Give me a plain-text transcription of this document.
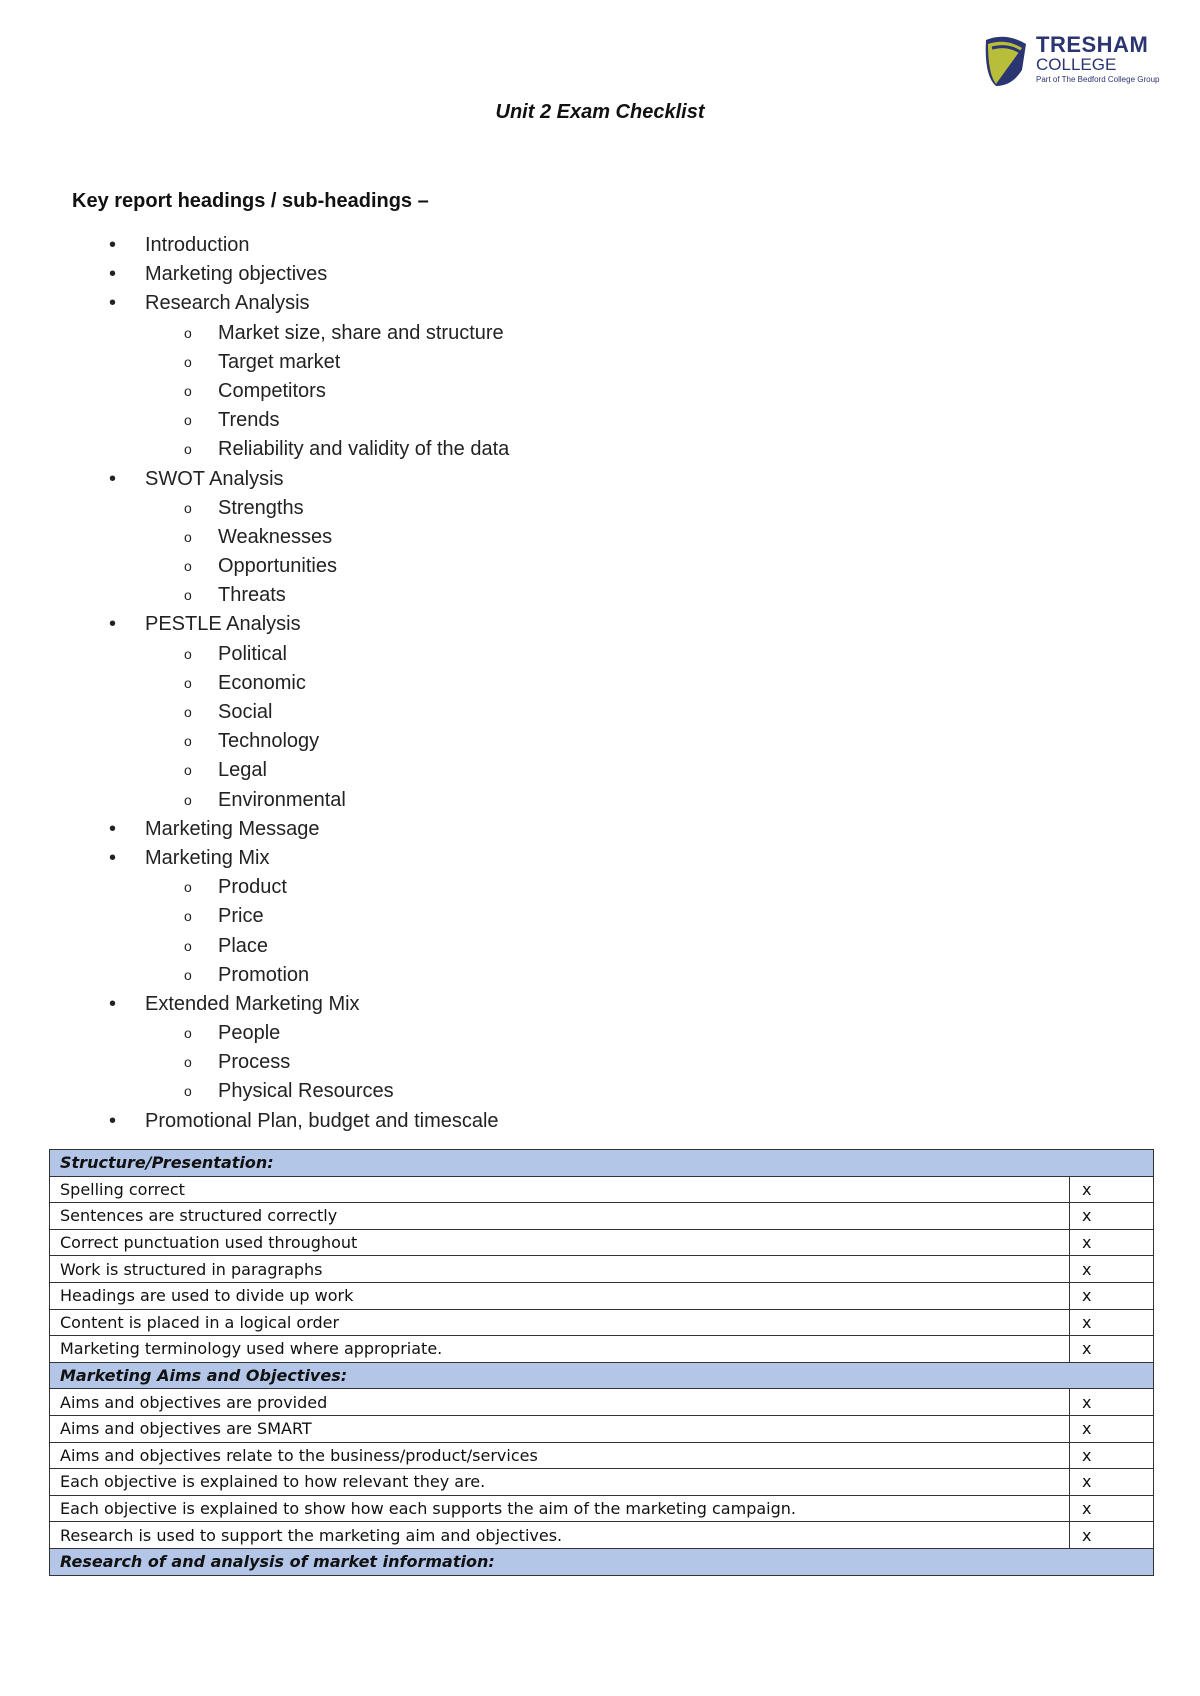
TRESHAM
COLLEGE
Part of The Bedford College Group
Unit 2 Exam Checklist
Key report headings / sub-headings –
• Introduction
• Marketing objectives
• Research Analysis
o Market size, share and structure
o Target market
o Competitors
o Trends
o Reliability and validity of the data
• SWOT Analysis
o Strengths
o Weaknesses
o Opportunities
o Threats
• PESTLE Analysis
o Political
o Economic
o Social
o Technology
o Legal
o Environmental
• Marketing Message
• Marketing Mix
o Product
o Price
o Place
o Promotion
• Extended Marketing Mix
o People
o Process
o Physical Resources
• Promotional Plan, budget and timescale
Structure/Presentation:	
Spelling correct	x
Sentences are structured correctly	x
Correct punctuation used throughout	x
Work is structured in paragraphs	x
Headings are used to divide up work	x
Content is placed in a logical order	x
Marketing terminology used where appropriate.	x
Marketing Aims and Objectives:	
Aims and objectives are provided	x
Aims and objectives are SMART	x
Aims and objectives relate to the business/product/services	x
Each objective is explained to how relevant they are.	x
Each objective is explained to show how each supports the aim of the marketing campaign.	x
Research is used to support the marketing aim and objectives.	x
Research of and analysis of market information:	
